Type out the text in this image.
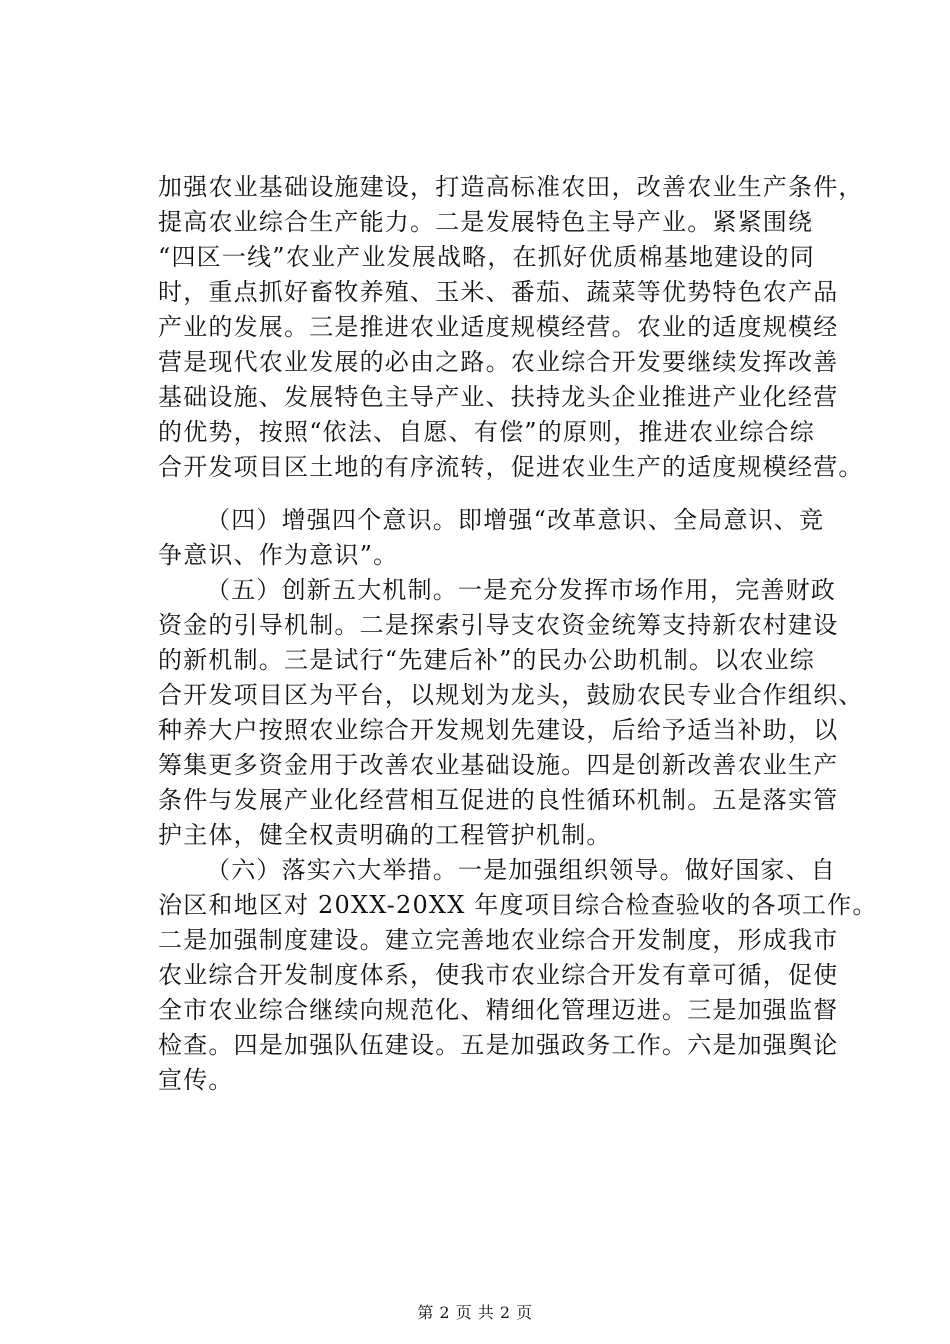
加强农业基础设施建设，打造高标准农田，改善农业生产条件，
提高农业综合生产能力。二是发展特色主导产业。紧紧围绕
“四区一线”农业产业发展战略，在抓好优质棉基地建设的同
时，重点抓好畜牧养殖、玉米、番茄、蔬菜等优势特色农产品
产业的发展。三是推进农业适度规模经营。农业的适度规模经
营是现代农业发展的必由之路。农业综合开发要继续发挥改善
基础设施、发展特色主导产业、扶持龙头企业推进产业化经营
的优势，按照“依法、自愿、有偿”的原则，推进农业综合综
合开发项目区土地的有序流转，促进农业生产的适度规模经营。
（四）增强四个意识。即增强“改革意识、全局意识、竞
争意识、作为意识”。
（五）创新五大机制。一是充分发挥市场作用，完善财政
资金的引导机制。二是探索引导支农资金统筹支持新农村建设
的新机制。三是试行“先建后补”的民办公助机制。以农业综
合开发项目区为平台，以规划为龙头，鼓励农民专业合作组织、
种养大户按照农业综合开发规划先建设，后给予适当补助，以
筹集更多资金用于改善农业基础设施。四是创新改善农业生产
条件与发展产业化经营相互促进的良性循环机制。五是落实管
护主体，健全权责明确的工程管护机制。
（六）落实六大举措。一是加强组织领导。做好国家、自
治区和地区对 20XX-20XX 年度项目综合检查验收的各项工作。
二是加强制度建设。建立完善地农业综合开发制度，形成我市
农业综合开发制度体系，使我市农业综合开发有章可循，促使
全市农业综合继续向规范化、精细化管理迈进。三是加强监督
检查。四是加强队伍建设。五是加强政务工作。六是加强舆论
宣传。
第 2 页 共 2 页
